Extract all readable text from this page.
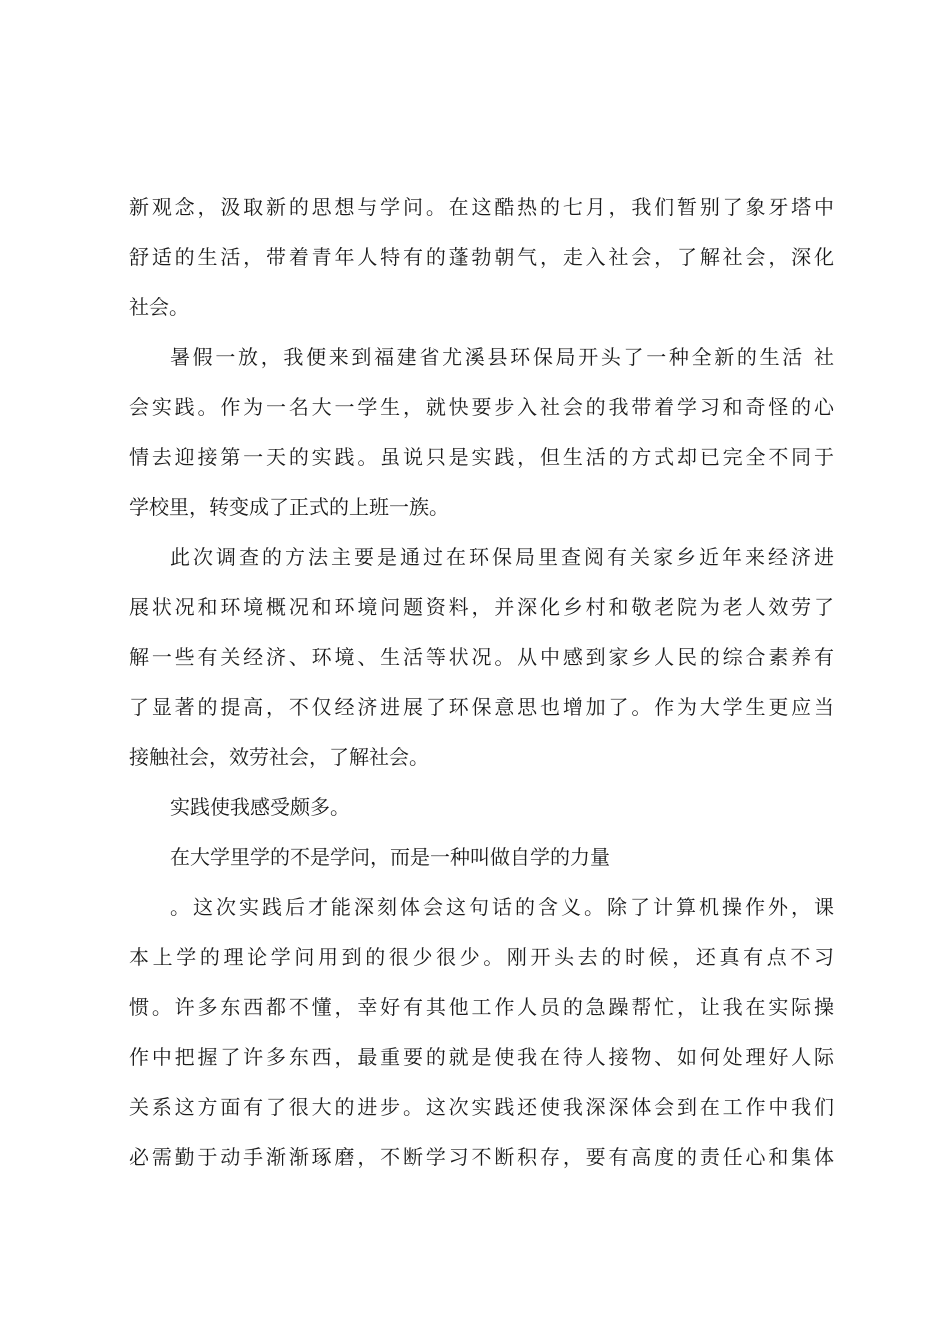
新观念，汲取新的思想与学问。在这酷热的七月，我们暂别了象牙塔中
舒适的生活，带着青年人特有的蓬勃朝气，走入社会，了解社会，深化
社会。
暑假一放，我便来到福建省尤溪县环保局开头了一种全新的生活 社
会实践。作为一名大一学生，就快要步入社会的我带着学习和奇怪的心
情去迎接第一天的实践。虽说只是实践，但生活的方式却已完全不同于
学校里，转变成了正式的上班一族。
此次调查的方法主要是通过在环保局里查阅有关家乡近年来经济进
展状况和环境概况和环境问题资料，并深化乡村和敬老院为老人效劳了
解一些有关经济、环境、生活等状况。从中感到家乡人民的综合素养有
了显著的提高，不仅经济进展了环保意思也增加了。作为大学生更应当
接触社会，效劳社会，了解社会。
实践使我感受颇多。
在大学里学的不是学问，而是一种叫做自学的力量
。这次实践后才能深刻体会这句话的含义。除了计算机操作外，课
本上学的理论学问用到的很少很少。刚开头去的时候，还真有点不习
惯。许多东西都不懂，幸好有其他工作人员的急躁帮忙，让我在实际操
作中把握了许多东西，最重要的就是使我在待人接物、如何处理好人际
关系这方面有了很大的进步。这次实践还使我深深体会到在工作中我们
必需勤于动手渐渐琢磨，不断学习不断积存，要有高度的责任心和集体
